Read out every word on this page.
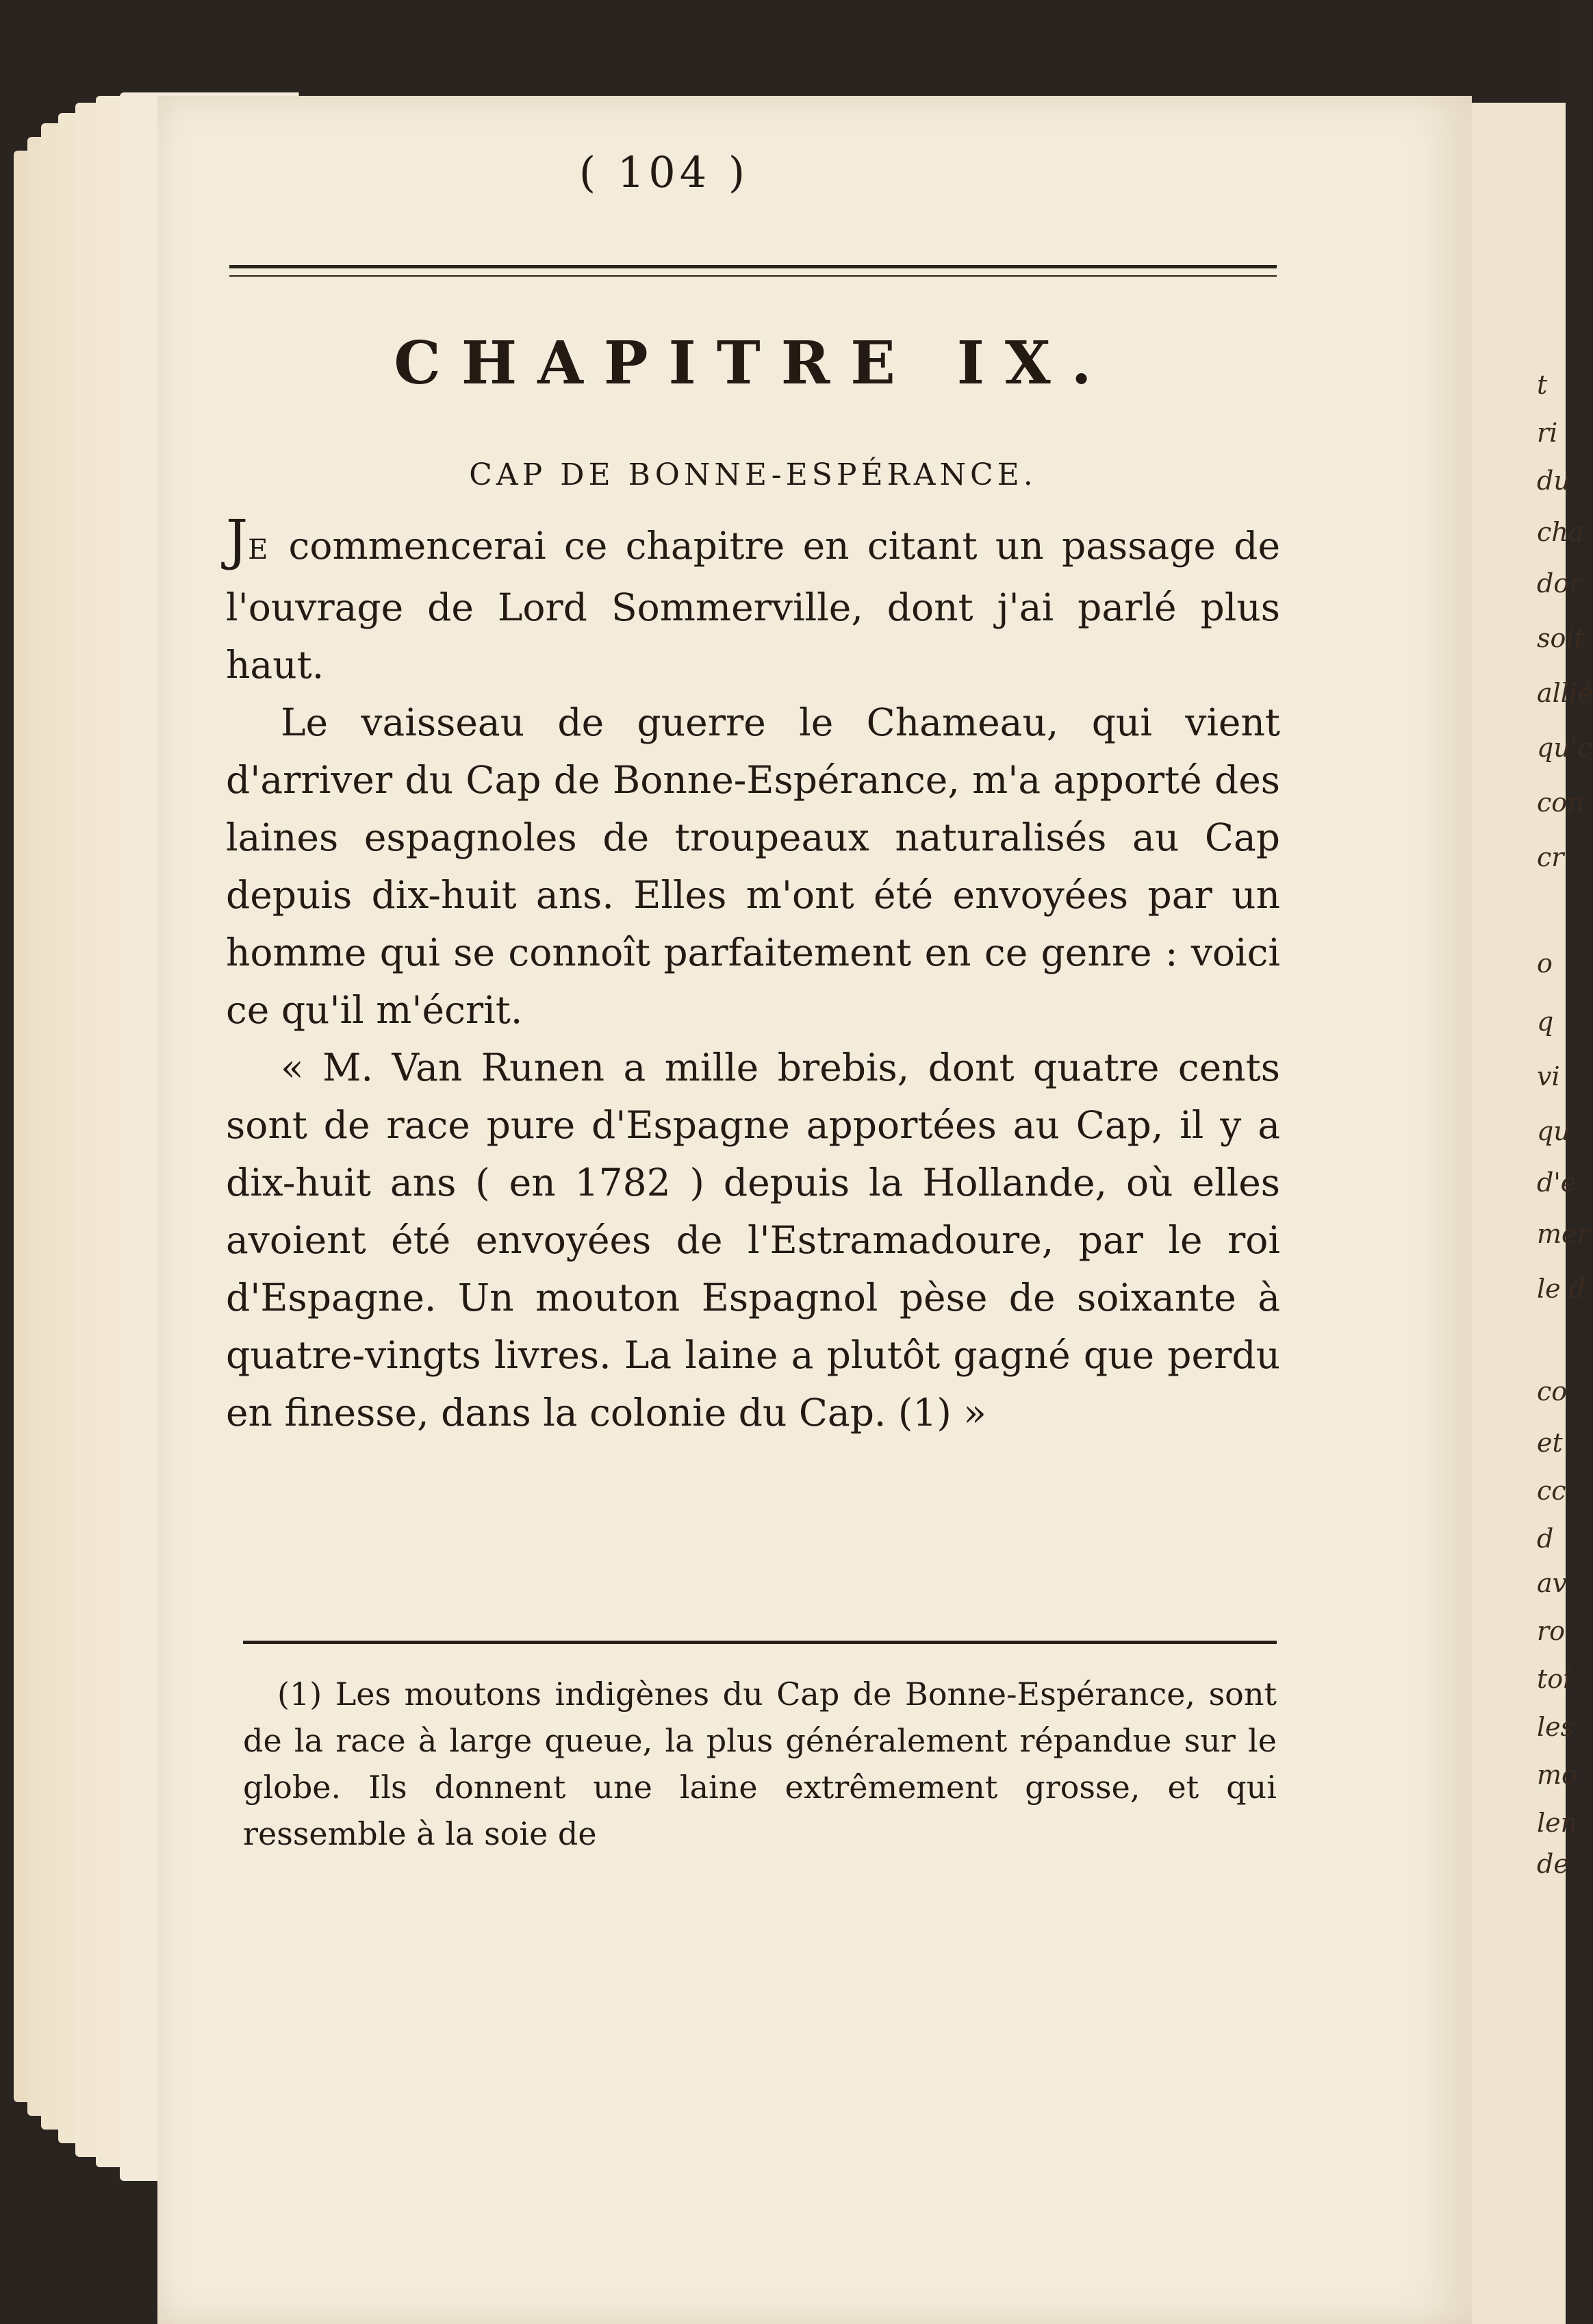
t
ri
du
cha
dor
soit
allié
qu'c
con
cr
o
q
vi
qu
d'e
mer
le d
co
et
cc
d
av
ro
toi
les
mo
len
de
( 104 )
CHAPITRE IX.
CAP DE BONNE-ESPÉRANCE.

JE commencerai ce chapitre en citant un passage de l'ouvrage de Lord Sommerville, dont j'ai parlé plus haut.

Le vaisseau de guerre le Chameau, qui vient d'arriver du Cap de Bonne-Espérance, m'a apporté des laines espagnoles de troupeaux naturalisés au Cap depuis dix-huit ans. Elles m'ont été envoyées par un homme qui se connoît parfaitement en ce genre : voici ce qu'il m'écrit.

« M. Van Runen a mille brebis, dont quatre cents sont de race pure d'Espagne apportées au Cap, il y a dix-huit ans ( en 1782 ) depuis la Hollande, où elles avoient été envoyées de l'Estramadoure, par le roi d'Espagne. Un mouton Espagnol pèse de soixante à quatre-vingts livres. La laine a plutôt gagné que perdu en finesse, dans la colonie du Cap. (1) »

(1) Les moutons indigènes du Cap de Bonne-Espérance, sont de la race à large queue, la plus généralement répandue sur le globe. Ils donnent une laine extrêmement grosse, et qui ressemble à la soie de
